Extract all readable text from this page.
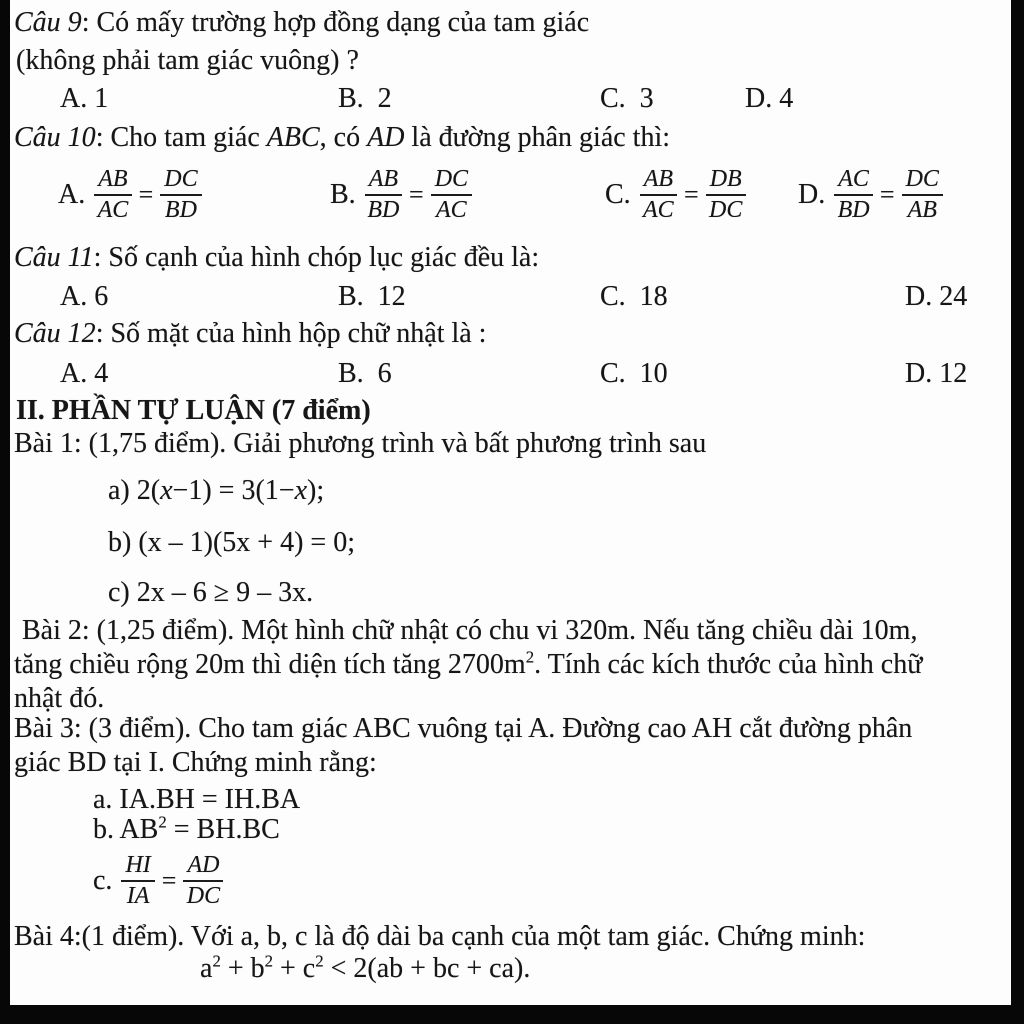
Câu 9: Có mấy trường hợp đồng dạng của tam giác
(không phải tam giác vuông) ?
A. 1	B.  2	C.  3	D. 4
Câu 10: Cho tam giác ABC, có AD là đường phân giác thì:
A. $\frac{AB}{AC} = \frac{DC}{BD}$	B. $\frac{AB}{BD} = \frac{DC}{AC}$	C. $\frac{AB}{AC} = \frac{DB}{DC} D$. $\frac{AC}{BD} = \frac{DC}{AB}$
Câu 11: Số cạnh của hình chóp lục giác đều là:
A. 6	B.  12	C.  18	D. 24
Câu 12: Số mặt của hình hộp chữ nhật là :
A. 4	B.  6	C.  10	D. 12
II. PHẦN TỰ LUẬN (7 điểm)
Bài 1: (1,75 điểm). Giải phương trình và bất phương trình sau
a) 2(x−1) = 3(1−x);
b) (x – 1)(5x + 4) = 0;
c) 2x – 6 ≥ 9 – 3x.
Bài 2: (1,25 điểm). Một hình chữ nhật có chu vi 320m. Nếu tăng chiều dài 10m,
tăng chiều rộng 20m thì diện tích tăng $2700m^2$. Tính các kích thước của hình chữ
nhật đó.
Bài 3: (3 điểm). Cho tam giác ABC vuông tại A. Đường cao AH cắt đường phân
giác BD tại I. Chứng minh rằng:
a. IA.BH = IH.BA
b. $AB^2 = BH.BC$
c. $\frac{HI}{IA} = \frac{AD}{DC}$
Bài 4:(1 điểm). Với a, b, c là độ dài ba cạnh của một tam giác. Chứng minh:
$a^2 + b^2 + c^2 < 2(ab$ + bc + ca).
